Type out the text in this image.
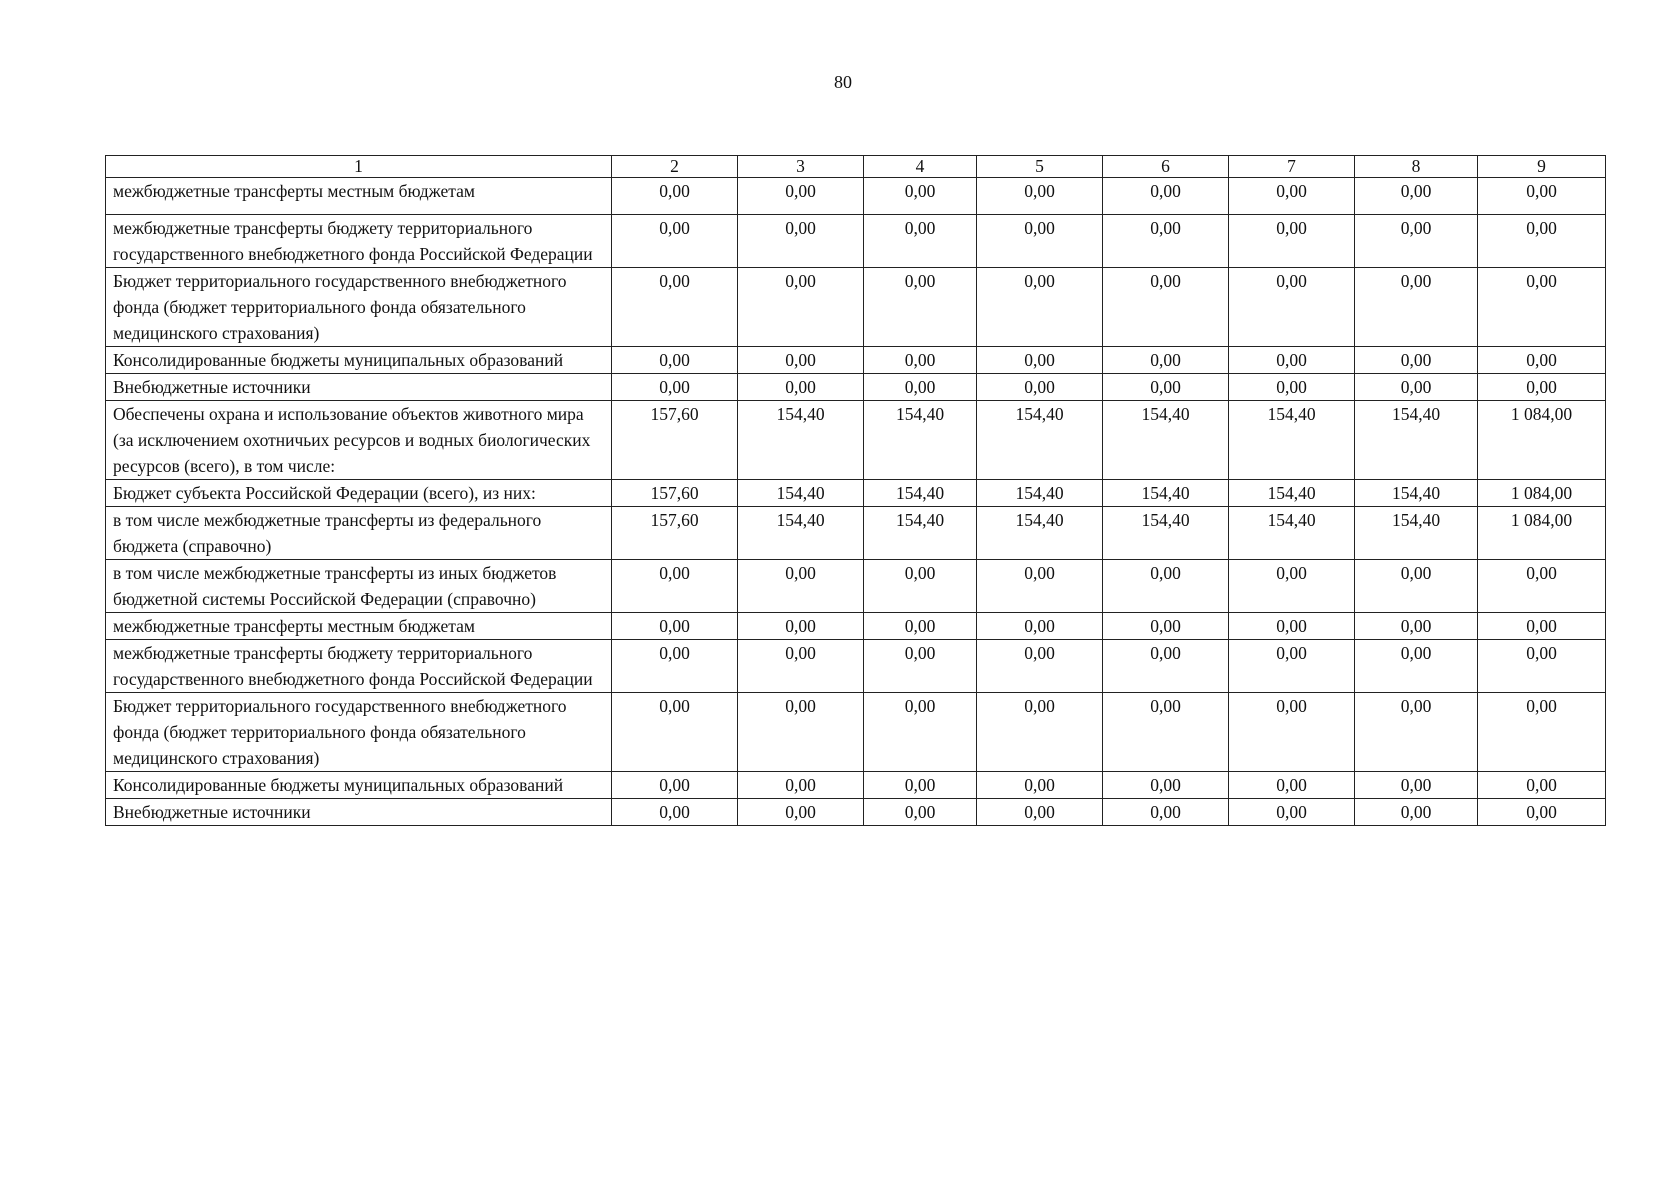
80
1	2	3	4	5	6	7	8	9
межбюджетные трансферты местным бюджетам	0,00	0,00	0,00	0,00	0,00	0,00	0,00	0,00
межбюджетные трансферты бюджету территориального государственного внебюджетного фонда Российской Федерации	0,00	0,00	0,00	0,00	0,00	0,00	0,00	0,00
Бюджет территориального государственного внебюджетного фонда (бюджет территориального фонда обязательного медицинского страхования)	0,00	0,00	0,00	0,00	0,00	0,00	0,00	0,00
Консолидированные бюджеты муниципальных образований	0,00	0,00	0,00	0,00	0,00	0,00	0,00	0,00
Внебюджетные источники	0,00	0,00	0,00	0,00	0,00	0,00	0,00	0,00
Обеспечены охрана и использование объектов животного мира (за исключением охотничьих ресурсов и водных биологических ресурсов (всего), в том числе:	157,60	154,40	154,40	154,40	154,40	154,40	154,40	1 084,00
Бюджет субъекта Российской Федерации (всего), из них:	157,60	154,40	154,40	154,40	154,40	154,40	154,40	1 084,00
в том числе межбюджетные трансферты из федерального бюджета (справочно)	157,60	154,40	154,40	154,40	154,40	154,40	154,40	1 084,00
в том числе межбюджетные трансферты из иных бюджетов бюджетной системы Российской Федерации (справочно)	0,00	0,00	0,00	0,00	0,00	0,00	0,00	0,00
межбюджетные трансферты местным бюджетам	0,00	0,00	0,00	0,00	0,00	0,00	0,00	0,00
межбюджетные трансферты бюджету территориального государственного внебюджетного фонда Российской Федерации	0,00	0,00	0,00	0,00	0,00	0,00	0,00	0,00
Бюджет территориального государственного внебюджетного фонда (бюджет территориального фонда обязательного медицинского страхования)	0,00	0,00	0,00	0,00	0,00	0,00	0,00	0,00
Консолидированные бюджеты муниципальных образований	0,00	0,00	0,00	0,00	0,00	0,00	0,00	0,00
Внебюджетные источники	0,00	0,00	0,00	0,00	0,00	0,00	0,00	0,00
